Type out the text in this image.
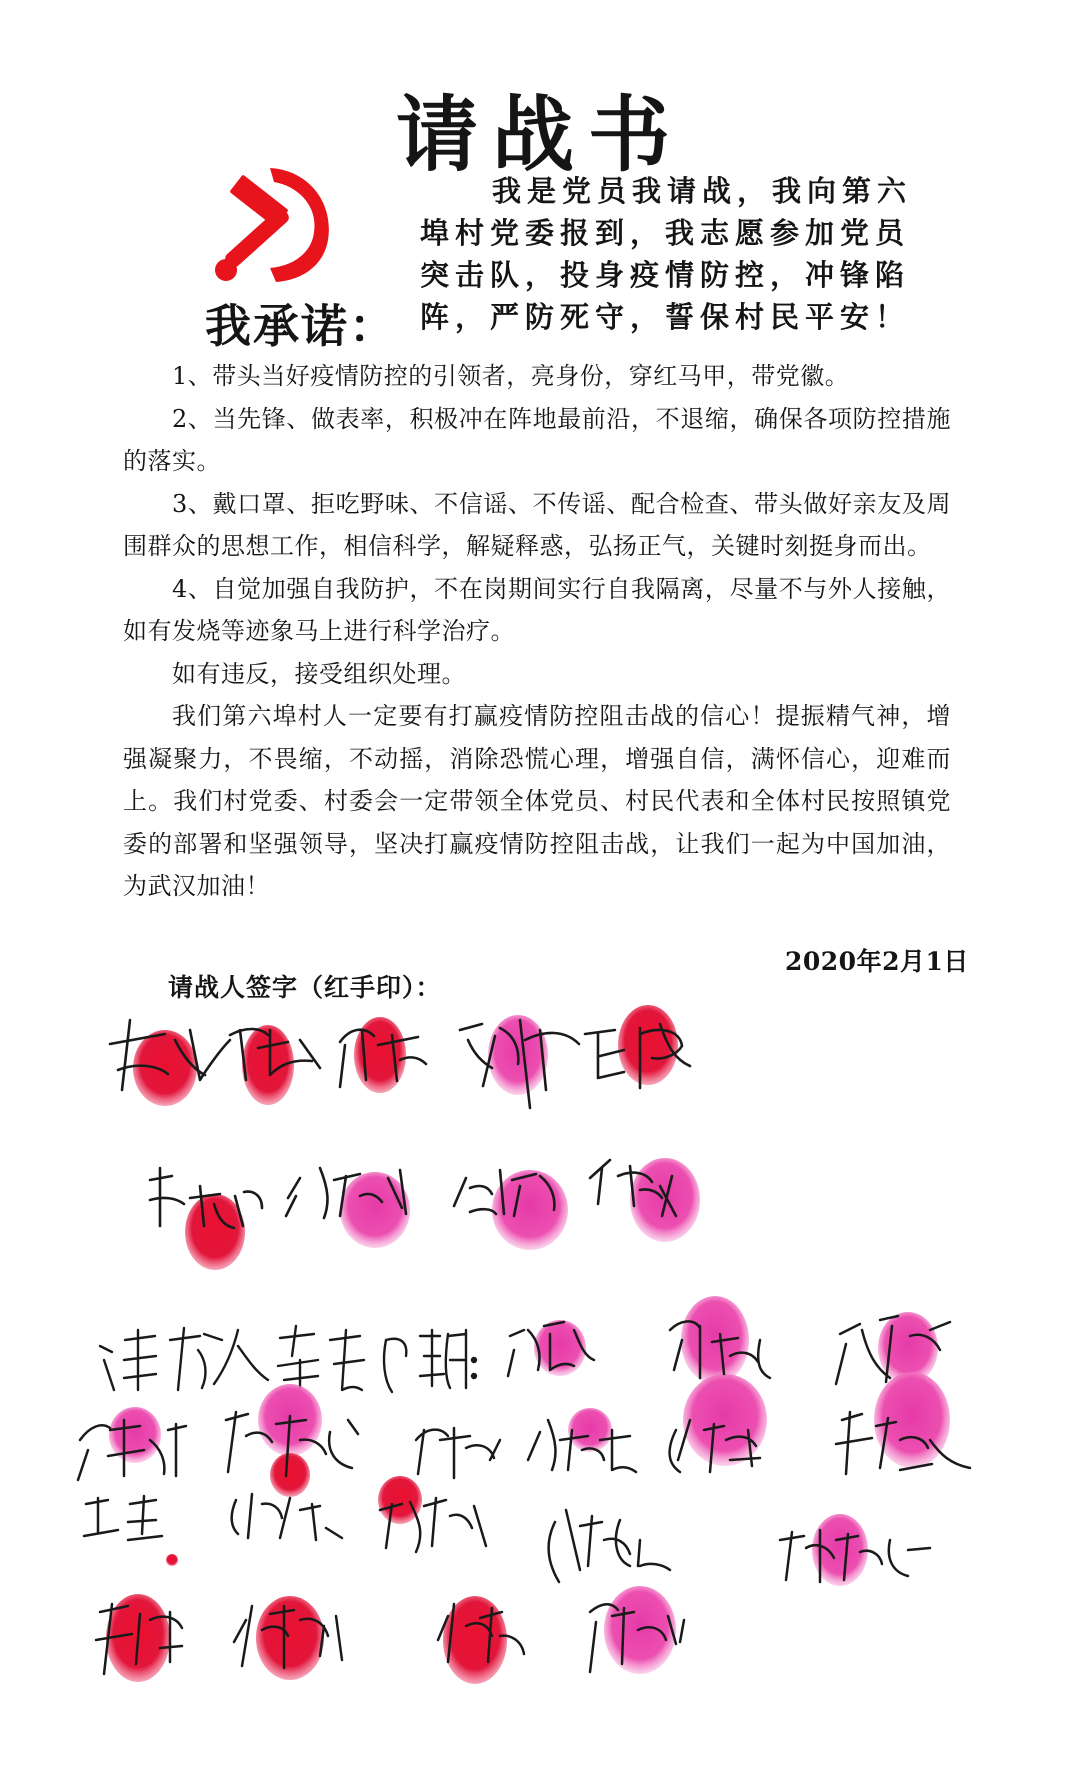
请战书
我承诺：
我是党员我请战，我向第六埠村党委报到，我志愿参加党员突击队，投身疫情防控，冲锋陷阵，严防死守，誓保村民平安！

1、带头当好疫情防控的引领者，亮身份，穿红马甲，带党徽。

2、当先锋、做表率，积极冲在阵地最前沿，不退缩，确保各项防控措施的落实。

3、戴口罩、拒吃野味、不信谣、不传谣、配合检查、带头做好亲友及周围群众的思想工作，相信科学，解疑释惑，弘扬正气，关键时刻挺身而出。

4、自觉加强自我防护，不在岗期间实行自我隔离，尽量不与外人接触，如有发烧等迹象马上进行科学治疗。

如有违反，接受组织处理。

我们第六埠村人一定要有打赢疫情防控阻击战的信心！提振精气神，增强凝聚力，不畏缩，不动摇，消除恐慌心理，增强自信，满怀信心，迎难而上。我们村党委、村委会一定带领全体党员、村民代表和全体村民按照镇党委的部署和坚强领导，坚决打赢疫情防控阻击战，让我们一起为中国加油，为武汉加油！

2020年2月1日
请战人签字（红手印）：
